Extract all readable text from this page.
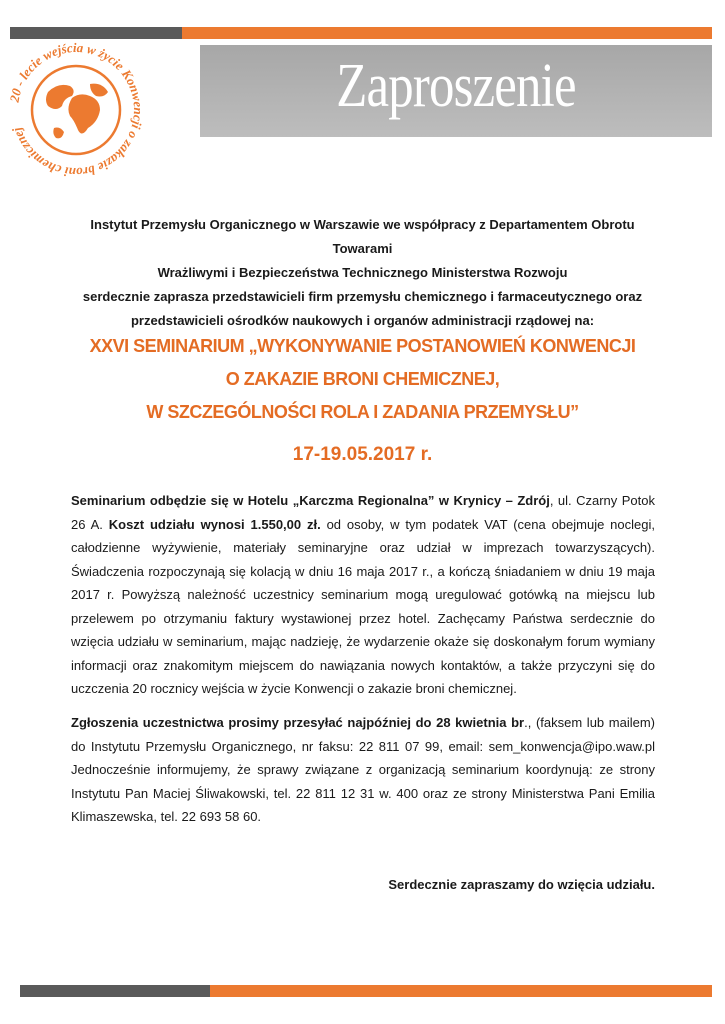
Zaproszenie
20 - lecie wejścia w życie Konwencji o zakazie broni chemicznej
Instytut Przemysłu Organicznego w Warszawie we współpracy z Departamentem Obrotu Towarami
Wrażliwymi i Bezpieczeństwa Technicznego Ministerstwa Rozwoju
serdecznie zaprasza przedstawicieli firm przemysłu chemicznego i farmaceutycznego oraz
przedstawicieli ośrodków naukowych i organów administracji rządowej na:
XXVI SEMINARIUM „WYKONYWANIE POSTANOWIEŃ KONWENCJI
O ZAKAZIE BRONI CHEMICZNEJ,
W SZCZEGÓLNOŚCI ROLA I ZADANIA PRZEMYSŁU”
17-19.05.2017 r.

Seminarium odbędzie się w Hotelu „Karczma Regionalna” w Krynicy – Zdrój, ul. Czarny Potok 26 A. Koszt udziału wynosi 1.550,00 zł. od osoby, w tym podatek VAT (cena obejmuje noclegi, całodzienne wyżywienie, materiały seminaryjne oraz udział w imprezach towarzyszących). Świadczenia rozpoczynają się kolacją w dniu 16 maja 2017 r., a kończą śniadaniem w dniu 19 maja 2017 r. Powyższą należność uczestnicy seminarium mogą uregulować gotówką na miejscu lub przelewem po otrzymaniu faktury wystawionej przez hotel. Zachęcamy Państwa serdecznie do wzięcia udziału w seminarium, mając nadzieję, że wydarzenie okaże się doskonałym forum wymiany informacji oraz znakomitym miejscem do nawiązania nowych kontaktów, a także przyczyni się do uczczenia 20 rocznicy wejścia w życie Konwencji o zakazie broni chemicznej.

Zgłoszenia uczestnictwa prosimy przesyłać najpóźniej do 28 kwietnia br., (faksem lub mailem) do Instytutu Przemysłu Organicznego, nr faksu: 22 811 07 99, email: sem_konwencja@ipo.waw.pl Jednocześnie informujemy, że sprawy związane z organizacją seminarium koordynują: ze strony Instytutu Pan Maciej Śliwakowski, tel. 22 811 12 31 w. 400 oraz ze strony Ministerstwa Pani Emilia Klimaszewska, tel. 22 693 58 60.

Serdecznie zapraszamy do wzięcia udziału.
